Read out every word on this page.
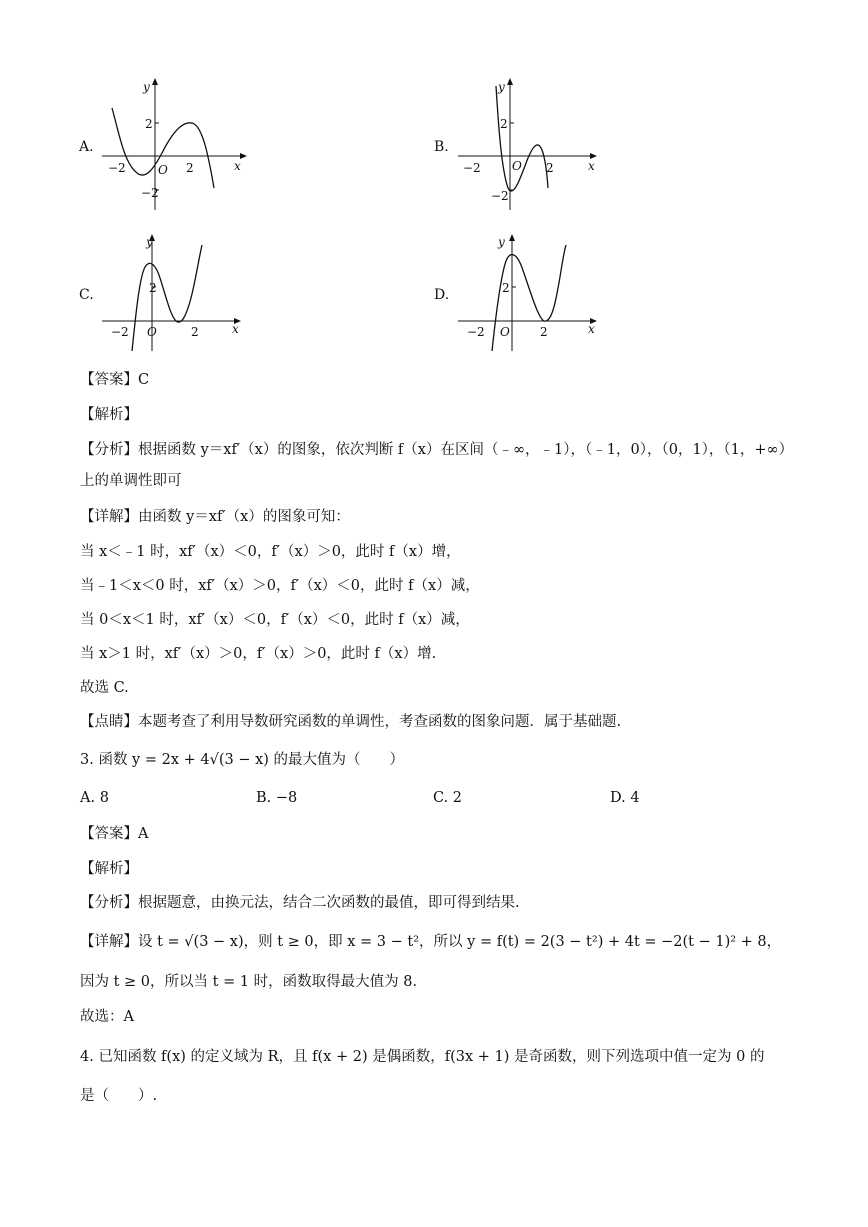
A.
y
x
O
2
−2
2
−2
B.
y
x
O
2
−2
2
−2
C.
y
x
O
2
−2	2
D.
y
x
O
2
−2	2
【答案】C
【解析】
【分析】根据函数 y＝xf′（x）的图象，依次判断 f（x）在区间（﹣∞，﹣1），（﹣1，0），（0，1），（1，+∞）
上的单调性即可
【详解】由函数 y＝xf′（x）的图象可知：
当 x＜﹣1 时，xf′（x）＜0，f′（x）＞0，此时 f（x）增，
当﹣1＜x＜0 时，xf′（x）＞0，f′（x）＜0，此时 f（x）减，
当 0＜x＜1 时，xf′（x）＜0，f′（x）＜0，此时 f（x）减，
当 x＞1 时，xf′（x）＞0，f′（x）＞0，此时 f（x）增.
故选 C.
【点睛】本题考查了利用导数研究函数的单调性，考查函数的图象问题．属于基础题.
3. 函数 y = 2x + 4√(3 − x) 的最大值为（　　）
A. 8	B. −8	C. 2	D. 4
【答案】A
【解析】
【分析】根据题意，由换元法，结合二次函数的最值，即可得到结果.
【详解】设 t = √(3 − x)，则 t ≥ 0，即 x = 3 − t²，所以 y = f(t) = 2(3 − t²) + 4t = −2(t − 1)² + 8，
因为 t ≥ 0，所以当 t = 1 时，函数取得最大值为 8．
故选：A
4. 已知函数 f(x) 的定义域为 R，且 f(x + 2) 是偶函数，f(3x + 1) 是奇函数，则下列选项中值一定为 0 的
是（　　）.
